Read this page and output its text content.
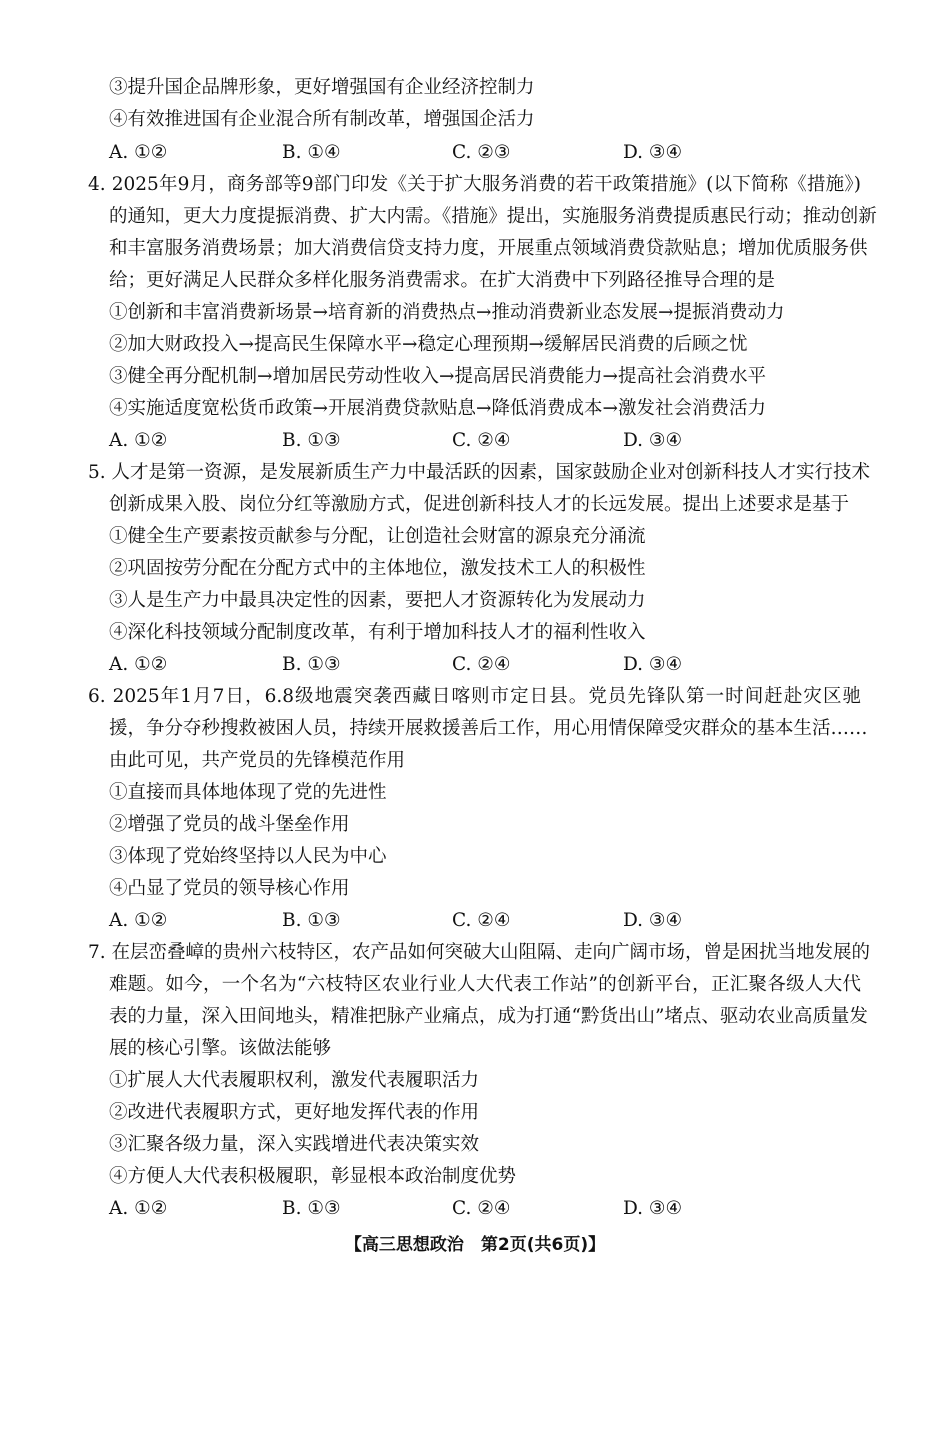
③提升国企品牌形象，更好增强国有企业经济控制力
④有效推进国有企业混合所有制改革，增强国企活力
A. ①②	B. ①④	C. ②③	D. ③④
4. 2025年9月，商务部等9部门印发《关于扩大服务消费的若干政策措施》(以下简称《措施》)
的通知，更大力度提振消费、扩大内需。《措施》提出，实施服务消费提质惠民行动；推动创新
和丰富服务消费场景；加大消费信贷支持力度，开展重点领域消费贷款贴息；增加优质服务供
给；更好满足人民群众多样化服务消费需求。在扩大消费中下列路径推导合理的是
①创新和丰富消费新场景→培育新的消费热点→推动消费新业态发展→提振消费动力
②加大财政投入→提高民生保障水平→稳定心理预期→缓解居民消费的后顾之忧
③健全再分配机制→增加居民劳动性收入→提高居民消费能力→提高社会消费水平
④实施适度宽松货币政策→开展消费贷款贴息→降低消费成本→激发社会消费活力
A. ①②	B. ①③	C. ②④	D. ③④
5. 人才是第一资源，是发展新质生产力中最活跃的因素，国家鼓励企业对创新科技人才实行技术
创新成果入股、岗位分红等激励方式，促进创新科技人才的长远发展。提出上述要求是基于
①健全生产要素按贡献参与分配，让创造社会财富的源泉充分涌流
②巩固按劳分配在分配方式中的主体地位，激发技术工人的积极性
③人是生产力中最具决定性的因素，要把人才资源转化为发展动力
④深化科技领域分配制度改革，有利于增加科技人才的福利性收入
A. ①②	B. ①③	C. ②④	D. ③④
6. 2025年1月7日，6.8级地震突袭西藏日喀则市定日县。党员先锋队第一时间赶赴灾区驰
援，争分夺秒搜救被困人员，持续开展救援善后工作，用心用情保障受灾群众的基本生活……
由此可见，共产党员的先锋模范作用
①直接而具体地体现了党的先进性
②增强了党员的战斗堡垒作用
③体现了党始终坚持以人民为中心
④凸显了党员的领导核心作用
A. ①②	B. ①③	C. ②④	D. ③④
7. 在层峦叠嶂的贵州六枝特区，农产品如何突破大山阻隔、走向广阔市场，曾是困扰当地发展的
难题。如今，一个名为“六枝特区农业行业人大代表工作站”的创新平台，正汇聚各级人大代
表的力量，深入田间地头，精准把脉产业痛点，成为打通“黔货出山”堵点、驱动农业高质量发
展的核心引擎。该做法能够
①扩展人大代表履职权利，激发代表履职活力
②改进代表履职方式，更好地发挥代表的作用
③汇聚各级力量，深入实践增进代表决策实效
④方便人大代表积极履职，彰显根本政治制度优势
A. ①②	B. ①③	C. ②④	D. ③④
【高三思想政治　第2页(共6页)】
